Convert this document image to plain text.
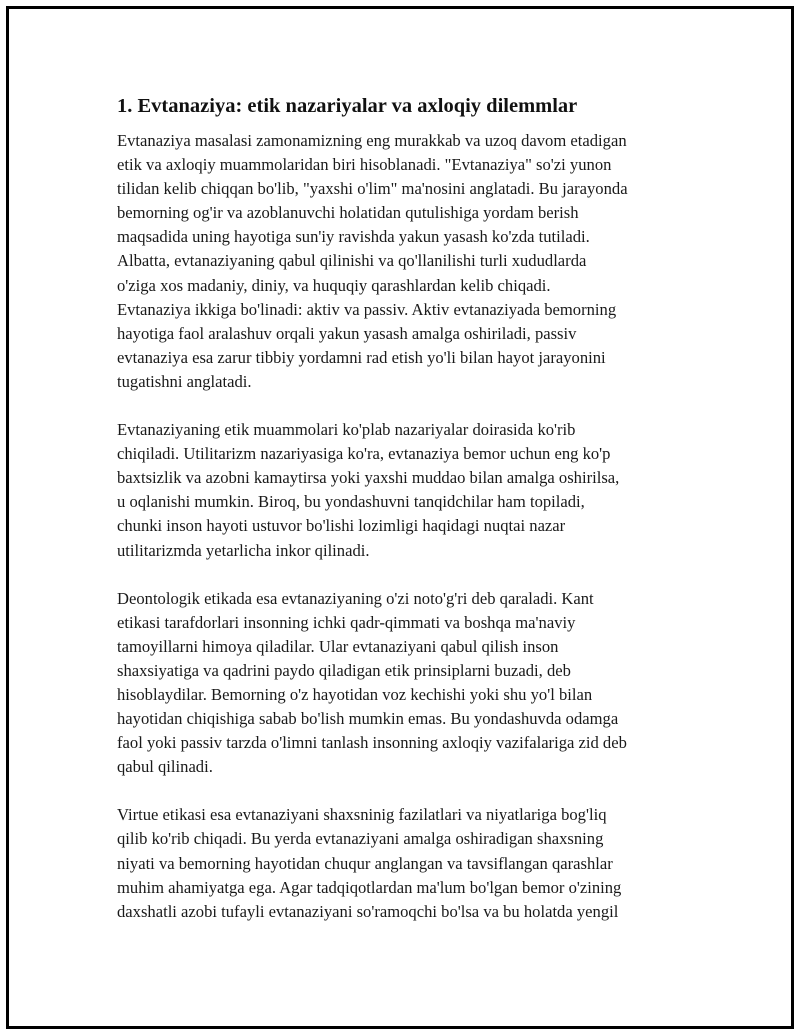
1. Evtanaziya: etik nazariyalar va axloqiy dilemmlar

Evtanaziya masalasi zamonamizning eng murakkab va uzoq davom etadigan
etik va axloqiy muammolaridan biri hisoblanadi. "Evtanaziya" so'zi yunon
tilidan kelib chiqqan bo'lib, "yaxshi o'lim" ma'nosini anglatadi. Bu jarayonda
bemorning og'ir va azoblanuvchi holatidan qutulishiga yordam berish
maqsadida uning hayotiga sun'iy ravishda yakun yasash ko'zda tutiladi.
Albatta, evtanaziyaning qabul qilinishi va qo'llanilishi turli xududlarda
o'ziga xos madaniy, diniy, va huquqiy qarashlardan kelib chiqadi.
Evtanaziya ikkiga bo'linadi: aktiv va passiv. Aktiv evtanaziyada bemorning
hayotiga faol aralashuv orqali yakun yasash amalga oshiriladi, passiv
evtanaziya esa zarur tibbiy yordamni rad etish yo'li bilan hayot jarayonini
tugatishni anglatadi.

Evtanaziyaning etik muammolari ko'plab nazariyalar doirasida ko'rib
chiqiladi. Utilitarizm nazariyasiga ko'ra, evtanaziya bemor uchun eng ko'p
baxtsizlik va azobni kamaytirsa yoki yaxshi muddao bilan amalga oshirilsa,
u oqlanishi mumkin. Biroq, bu yondashuvni tanqidchilar ham topiladi,
chunki inson hayoti ustuvor bo'lishi lozimligi haqidagi nuqtai nazar
utilitarizmda yetarlicha inkor qilinadi.

Deontologik etikada esa evtanaziyaning o'zi noto'g'ri deb qaraladi. Kant
etikasi tarafdorlari insonning ichki qadr-qimmati va boshqa ma'naviy
tamoyillarni himoya qiladilar. Ular evtanaziyani qabul qilish inson
shaxsiyatiga va qadrini paydo qiladigan etik prinsiplarni buzadi, deb
hisoblaydilar. Bemorning o'z hayotidan voz kechishi yoki shu yo'l bilan
hayotidan chiqishiga sabab bo'lish mumkin emas. Bu yondashuvda odamga
faol yoki passiv tarzda o'limni tanlash insonning axloqiy vazifalariga zid deb
qabul qilinadi.

Virtue etikasi esa evtanaziyani shaxsninig fazilatlari va niyatlariga bog'liq
qilib ko'rib chiqadi. Bu yerda evtanaziyani amalga oshiradigan shaxsning
niyati va bemorning hayotidan chuqur anglangan va tavsiflangan qarashlar
muhim ahamiyatga ega. Agar tadqiqotlardan ma'lum bo'lgan bemor o'zining
daxshatli azobi tufayli evtanaziyani so'ramoqchi bo'lsa va bu holatda yengil
